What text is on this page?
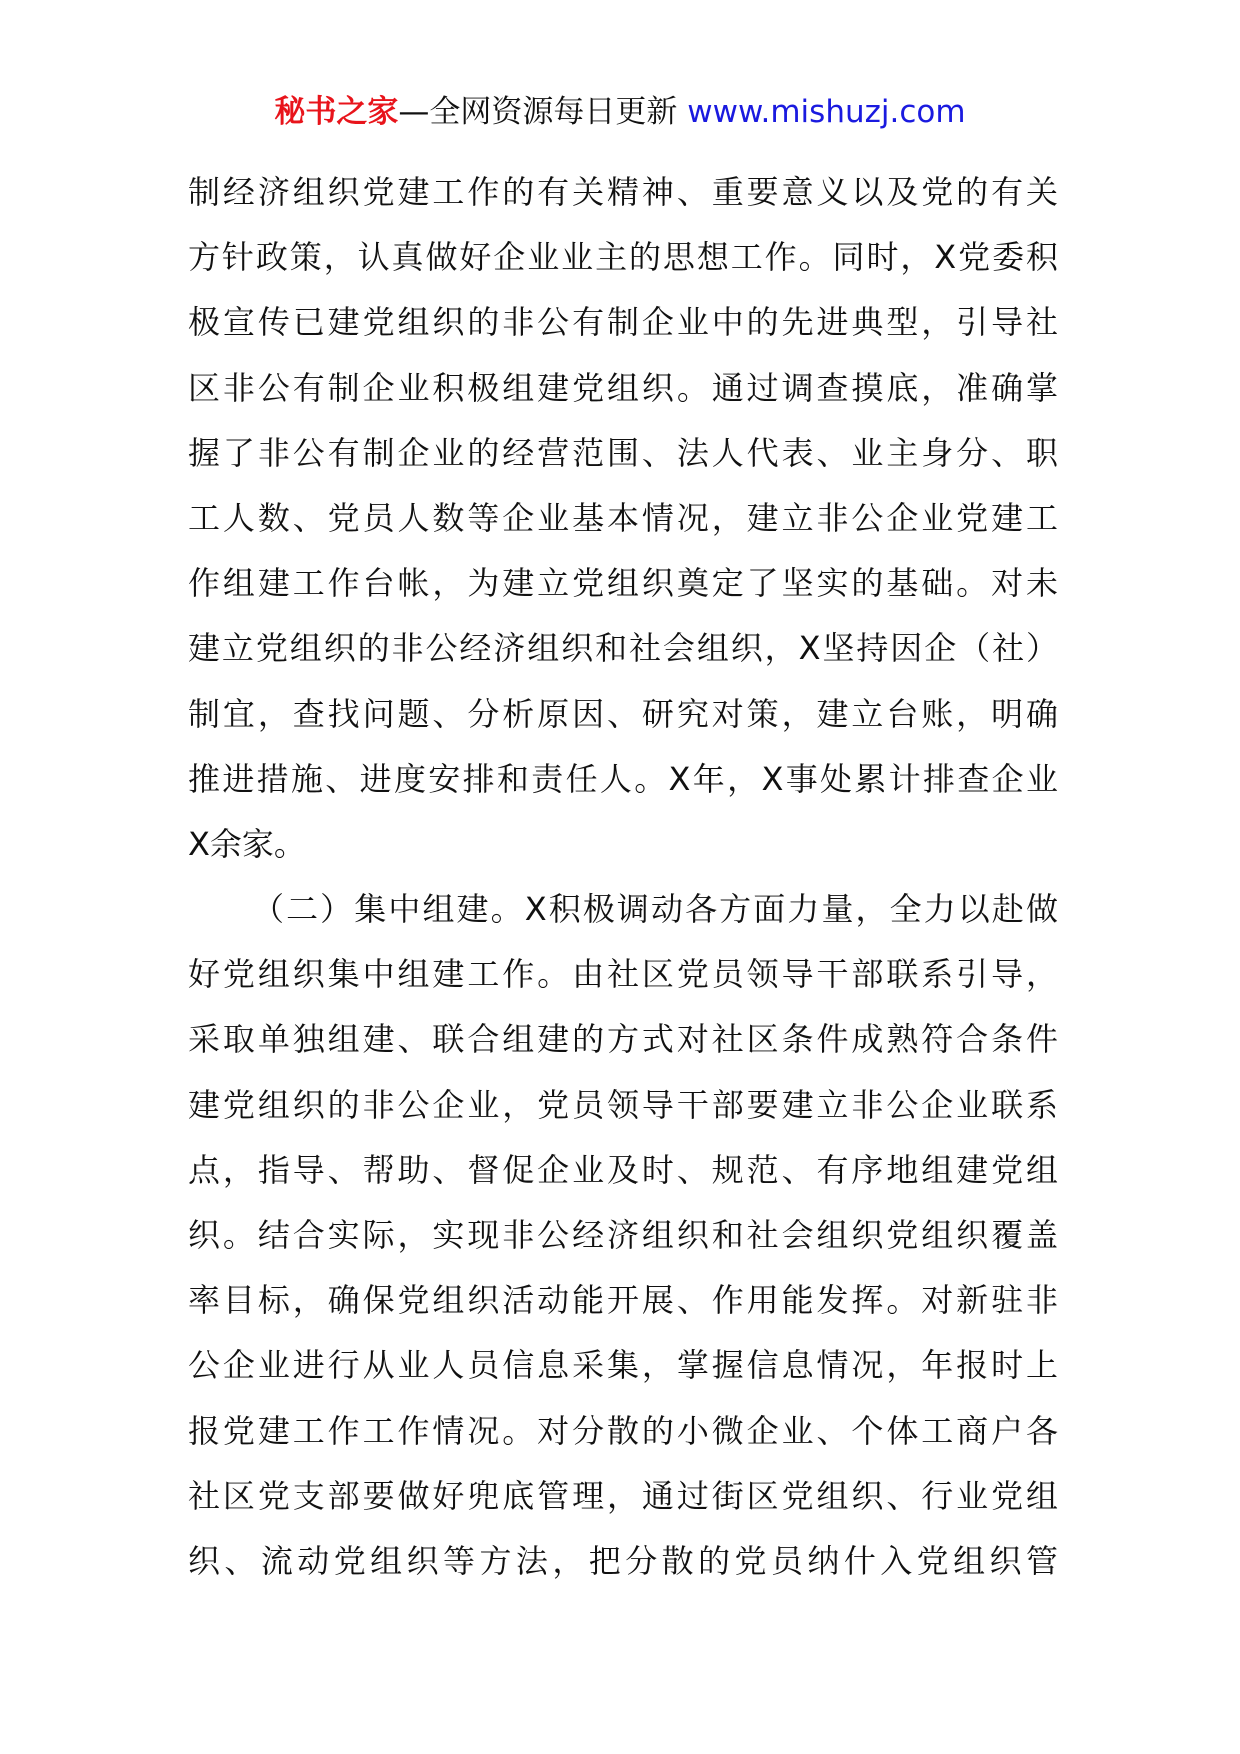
秘书之家—全网资源每日更新 www.mishuzj.com
制经济组织党建工作的有关精神、重要意义以及党的有关
方针政策，认真做好企业业主的思想工作。同时，X党委积
极宣传已建党组织的非公有制企业中的先进典型，引导社
区非公有制企业积极组建党组织。通过调查摸底，准确掌
握了非公有制企业的经营范围、法人代表、业主身分、职
工人数、党员人数等企业基本情况，建立非公企业党建工
作组建工作台帐，为建立党组织奠定了坚实的基础。对未
建立党组织的非公经济组织和社会组织，X坚持因企（社）
制宜，查找问题、分析原因、研究对策，建立台账，明确
推进措施、进度安排和责任人。X年，X事处累计排查企业
X余家。
（二）集中组建。X积极调动各方面力量，全力以赴做
好党组织集中组建工作。由社区党员领导干部联系引导，
采取单独组建、联合组建的方式对社区条件成熟符合条件
建党组织的非公企业，党员领导干部要建立非公企业联系
点，指导、帮助、督促企业及时、规范、有序地组建党组
织。结合实际，实现非公经济组织和社会组织党组织覆盖
率目标，确保党组织活动能开展、作用能发挥。对新驻非
公企业进行从业人员信息采集，掌握信息情况，年报时上
报党建工作工作情况。对分散的小微企业、个体工商户各
社区党支部要做好兜底管理，通过街区党组织、行业党组
织、流动党组织等方法，把分散的党员纳什入党组织管
